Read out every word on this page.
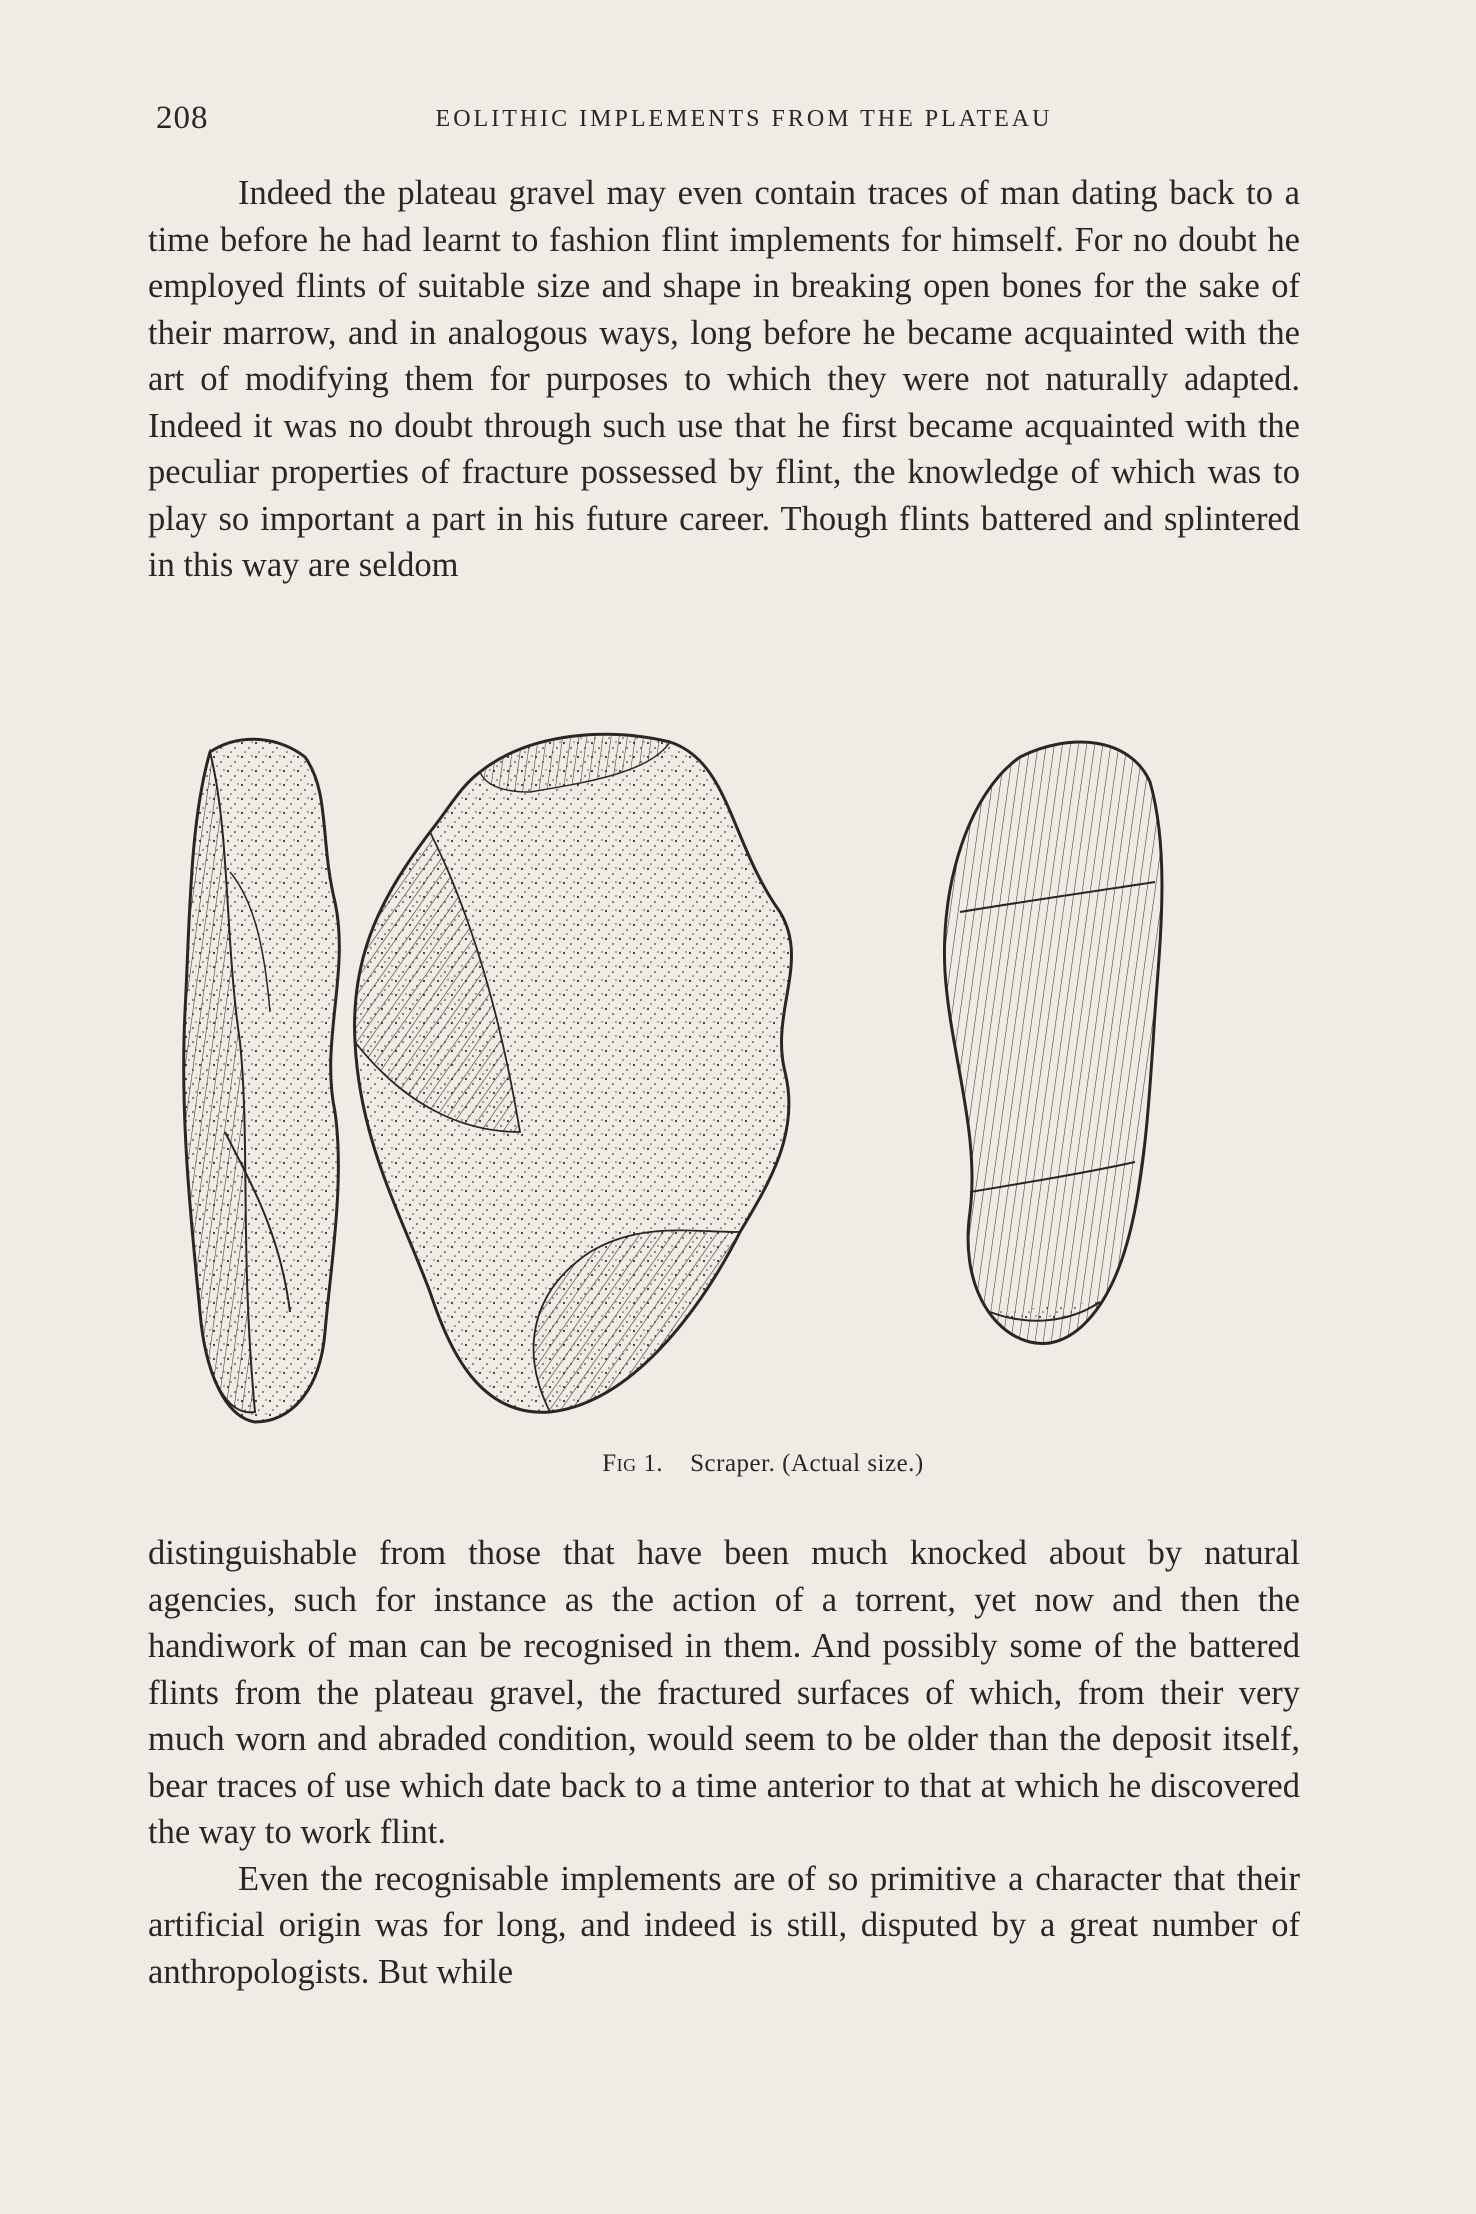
208	EOLITHIC IMPLEMENTS FROM THE PLATEAU

Indeed the plateau gravel may even contain traces of man dating back to a time before he had learnt to fashion flint implements for himself. For no doubt he employed flints of suitable size and shape in breaking open bones for the sake of their marrow, and in analogous ways, long before he became acquainted with the art of modifying them for purposes to which they were not naturally adapted. Indeed it was no doubt through such use that he first became acquainted with the peculiar properties of fracture possessed by flint, the knowledge of which was to play so important a part in his future career. Though flints battered and splintered in this way are seldom

Fig 1. Scraper. (Actual size.)

distinguishable from those that have been much knocked about by natural agencies, such for instance as the action of a torrent, yet now and then the handiwork of man can be recognised in them. And possibly some of the battered flints from the plateau gravel, the fractured surfaces of which, from their very much worn and abraded condition, would seem to be older than the deposit itself, bear traces of use which date back to a time anterior to that at which he discovered the way to work flint.

Even the recognisable implements are of so primitive a character that their artificial origin was for long, and indeed is still, disputed by a great number of anthropologists. But while
